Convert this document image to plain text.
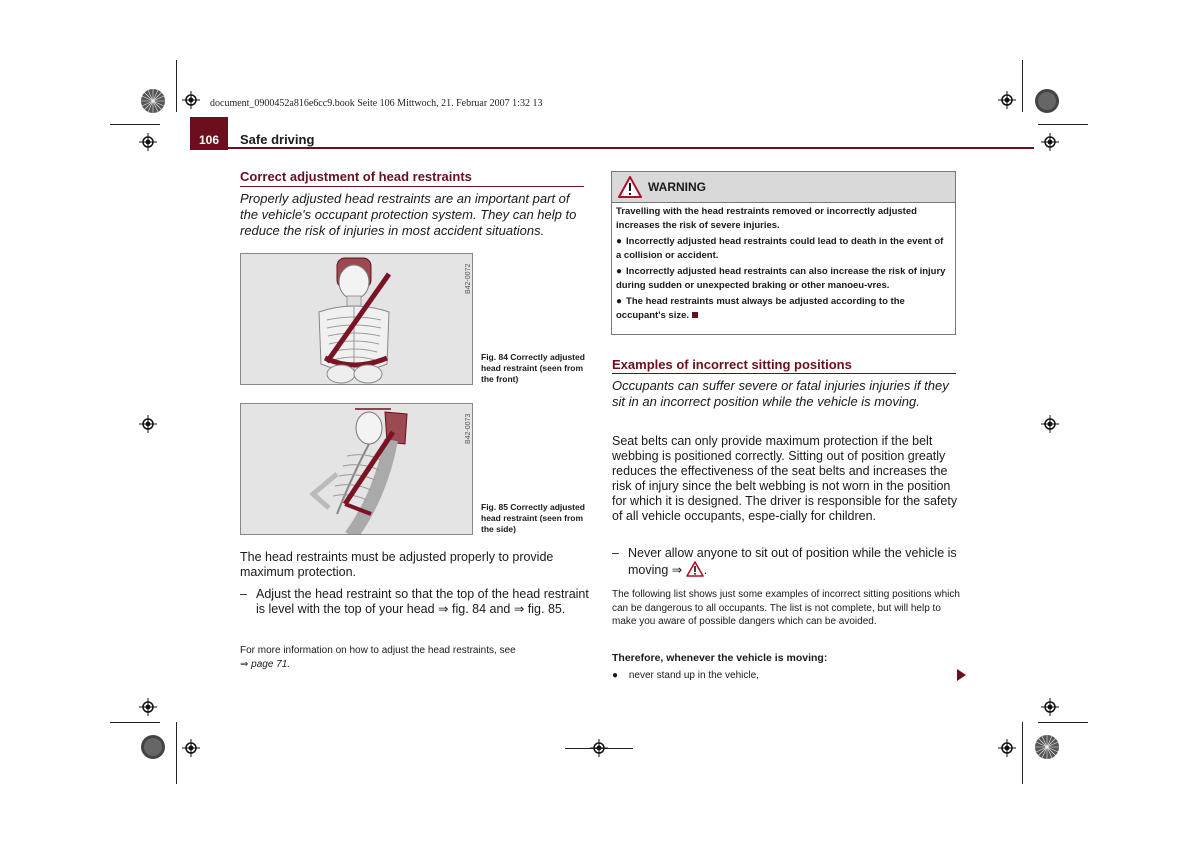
document_0900452a816e6cc9.book Seite 106 Mittwoch, 21. Februar 2007 1:32 13
106	Safe driving
Correct adjustment of head restraints
Properly adjusted head restraints are an important part of the vehicle's occupant protection system. They can help to reduce the risk of injuries in most accident situations.
B42-0072
Fig. 84 Correctly adjusted head restraint (seen from the front)
B42-0073
Fig. 85 Correctly adjusted head restraint (seen from the side)
The head restraints must be adjusted properly to provide maximum protection.
– Adjust the head restraint so that the top of the head restraint is level with the top of your head ⇒ fig. 84 and ⇒ fig. 85.
For more information on how to adjust the head restraints, see
⇒ page 71.
WARNING

Travelling with the head restraints removed or incorrectly adjusted increases the risk of severe injuries.

● Incorrectly adjusted head restraints could lead to death in the event of a collision or accident.

● Incorrectly adjusted head restraints can also increase the risk of injury during sudden or unexpected braking or other manoeu-vres.

● The head restraints must always be adjusted according to the occupant's size.

Examples of incorrect sitting positions
Occupants can suffer severe or fatal injuries injuries if they sit in an incorrect position while the vehicle is moving.
Seat belts can only provide maximum protection if the belt webbing is positioned correctly. Sitting out of position greatly reduces the effectiveness of the seat belts and increases the risk of injury since the belt webbing is not worn in the position for which it is designed. The driver is responsible for the safety of all vehicle occupants, espe-cially for children.
– Never allow anyone to sit out of position while the vehicle is moving ⇒ .
The following list shows just some examples of incorrect sitting positions which can be dangerous to all occupants. The list is not complete, but will help to make you aware of possible dangers which can be avoided.
Therefore, whenever the vehicle is moving:
● never stand up in the vehicle,
